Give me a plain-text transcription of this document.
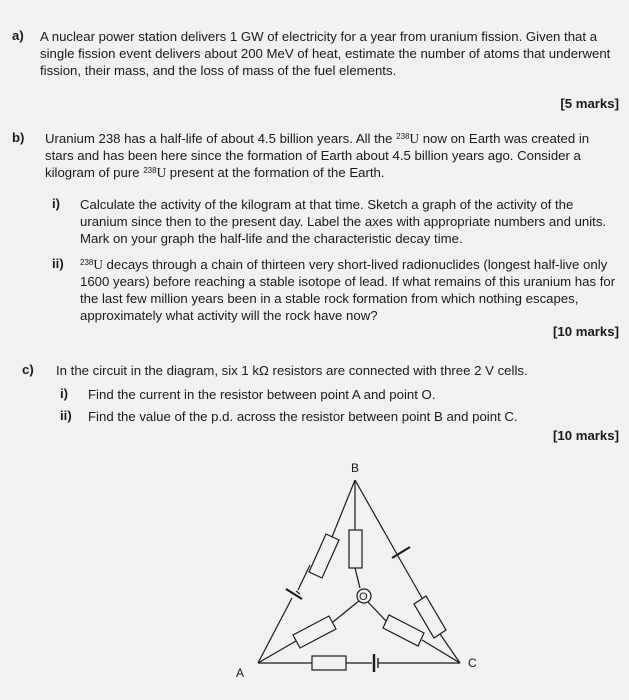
a) A nuclear power station delivers 1 GW of electricity for a year from uranium fission. Given that a single fission event delivers about 200 MeV of heat, estimate the number of atoms that underwent fission, their mass, and the loss of mass of the fuel elements.
[5 marks]
b) Uranium 238 has a half-life of about 4.5 billion years. All the $^{238}$U now on Earth was created in stars and has been here since the formation of Earth about 4.5 billion years ago. Consider a kilogram of pure $^{238}$U present at the formation of the Earth.
i) Calculate the activity of the kilogram at that time. Sketch a graph of the activity of the uranium since then to the present day. Label the axes with appropriate numbers and units. Mark on your graph the half-life and the characteristic decay time.
ii) $^{238}$U decays through a chain of thirteen very short-lived radionuclides (longest half-live only 1600 years) before reaching a stable isotope of lead. If what remains of this uranium has for the last few million years been in a stable rock formation from which nothing escapes, approximately what activity will the rock have now?
[10 marks]
c) In the circuit in the diagram, six 1 kΩ resistors are connected with three 2 V cells.
i) Find the current in the resistor between point A and point O.
ii) Find the value of the p.d. across the resistor between point B and point C.
[10 marks]
B
O
A
C
